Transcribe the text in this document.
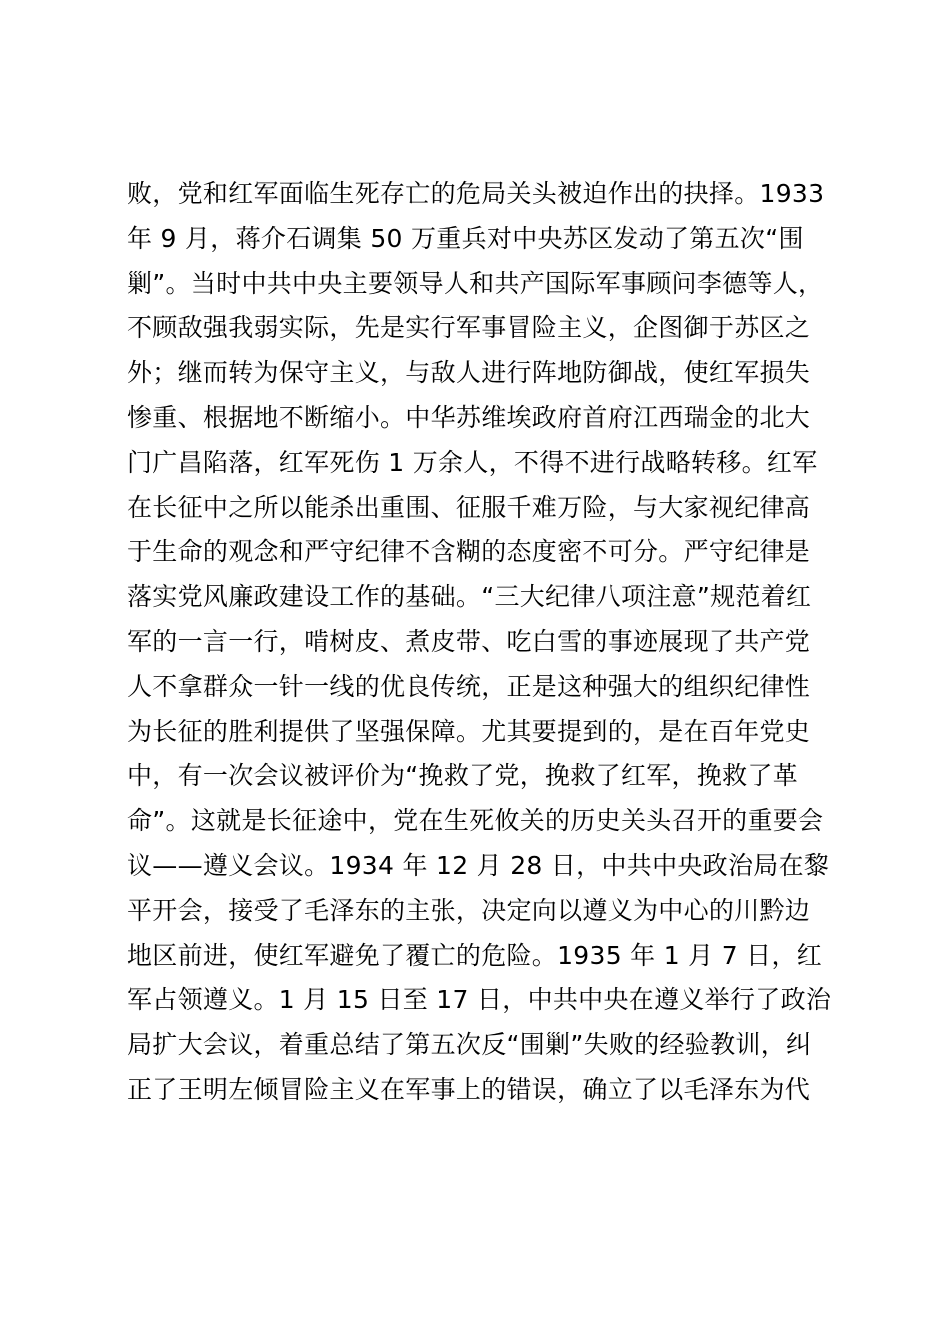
败，党和红军面临生死存亡的危局关头被迫作出的抉择。1933
年 9 月，蒋介石调集 50 万重兵对中央苏区发动了第五次“围
剿”。当时中共中央主要领导人和共产国际军事顾问李德等人，
不顾敌强我弱实际，先是实行军事冒险主义，企图御于苏区之
外；继而转为保守主义，与敌人进行阵地防御战，使红军损失
惨重、根据地不断缩小。中华苏维埃政府首府江西瑞金的北大
门广昌陷落，红军死伤 1 万余人，不得不进行战略转移。红军
在长征中之所以能杀出重围、征服千难万险，与大家视纪律高
于生命的观念和严守纪律不含糊的态度密不可分。严守纪律是
落实党风廉政建设工作的基础。“三大纪律八项注意”规范着红
军的一言一行，啃树皮、煮皮带、吃白雪的事迹展现了共产党
人不拿群众一针一线的优良传统，正是这种强大的组织纪律性
为长征的胜利提供了坚强保障。尤其要提到的，是在百年党史
中，有一次会议被评价为“挽救了党，挽救了红军，挽救了革
命”。这就是长征途中，党在生死攸关的历史关头召开的重要会
议——遵义会议。1934 年 12 月 28 日，中共中央政治局在黎
平开会，接受了毛泽东的主张，决定向以遵义为中心的川黔边
地区前进，使红军避免了覆亡的危险。1935 年 1 月 7 日，红
军占领遵义。1 月 15 日至 17 日，中共中央在遵义举行了政治
局扩大会议，着重总结了第五次反“围剿”失败的经验教训，纠
正了王明左倾冒险主义在军事上的错误，确立了以毛泽东为代
